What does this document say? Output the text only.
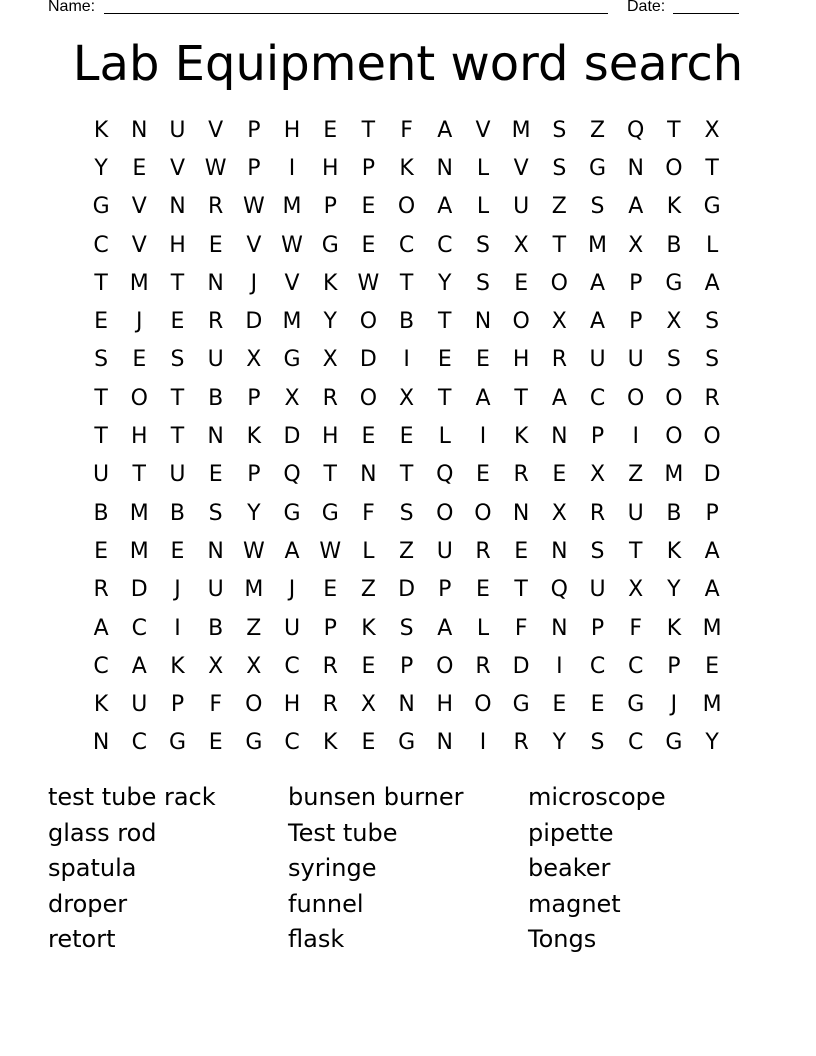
Name:	Date:
Lab Equipment word search
K	N U	V	P	H	E	T	F	A	V M S	Z Q	T	X
Y	E	V W P	I	H	P	K	N	L	V	S	G N O	T
G	V	N	R W M	P	E	O	A	L	U	Z	S	A	K	G
C	V	H	E	V W G	E	C	C	S	X	T M X	B	L
T M T	N	J	V	K W T	Y	S	E	O	A	P	G	A
E	J	E	R	D M Y	O B	T	N O X	A	P	X	S
S	E	S	U	X	G	X	D	I	E	E	H	R	U	U	S	S
T	O	T	B	P	X	R O X	T	A	T	A	C O O R
T	H	T	N	K	D H	E	E	L	I	K	N	P	I	O O
U	T	U	E	P	Q	T	N	T	Q	E	R	E	X	Z M D
B M B	S	Y	G G	F	S	O O N	X	R	U	B	P
E M E	N W A W L	Z	U	R	E	N	S	T	K	A
R	D	J	U M	J	E	Z	D	P	E	T	Q U	X	Y	A
A	C	I	B	Z	U	P	K	S	A	L	F	N	P	F	K M
C	A	K	X	X	C	R	E	P	O R	D	I	C	C	P	E
K	U	P	F	O H	R	X	N H O G	E	E	G	J	M
N	C G	E	G C	K	E	G N	I	R	Y	S	C G	Y
test tube rack	bunsen burner	microscope
glass rod	Test tube	pipette
spatula	syringe	beaker
droper	funnel	magnet
retort	flask	Tongs
